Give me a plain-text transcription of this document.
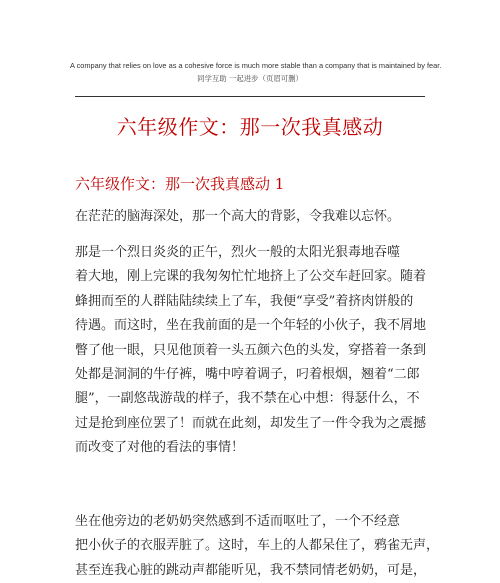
A company that relies on love as a cohesive force is much more stable than a company that is maintained by fear.
同学互助 一起进步（页眉可删）
六年级作文：那一次我真感动
六年级作文：那一次我真感动 1

在茫茫的脑海深处，那一个高大的背影，令我难以忘怀。

那是一个烈日炎炎的正午，烈火一般的太阳光狠毒地吞噬
着大地，刚上完课的我匆匆忙忙地挤上了公交车赶回家。随着
蜂拥而至的人群陆陆续续上了车，我便“享受”着挤肉饼般的
待遇。而这时，坐在我前面的是一个年轻的小伙子，我不屑地
瞥了他一眼，只见他顶着一头五颜六色的头发，穿搭着一条到
处都是洞洞的牛仔裤，嘴中哼着调子，叼着根烟，翘着“二郎
腿”，一副悠哉游哉的样子，我不禁在心中想：得瑟什么，不
过是抢到座位罢了！而就在此刻，却发生了一件令我为之震撼
而改变了对他的看法的事情！

坐在他旁边的老奶奶突然感到不适而呕吐了，一个不经意
把小伙子的衣服弄脏了。这时，车上的人都呆住了，鸦雀无声，
甚至连我心脏的跳动声都能听见，我不禁同情老奶奶，可是，
